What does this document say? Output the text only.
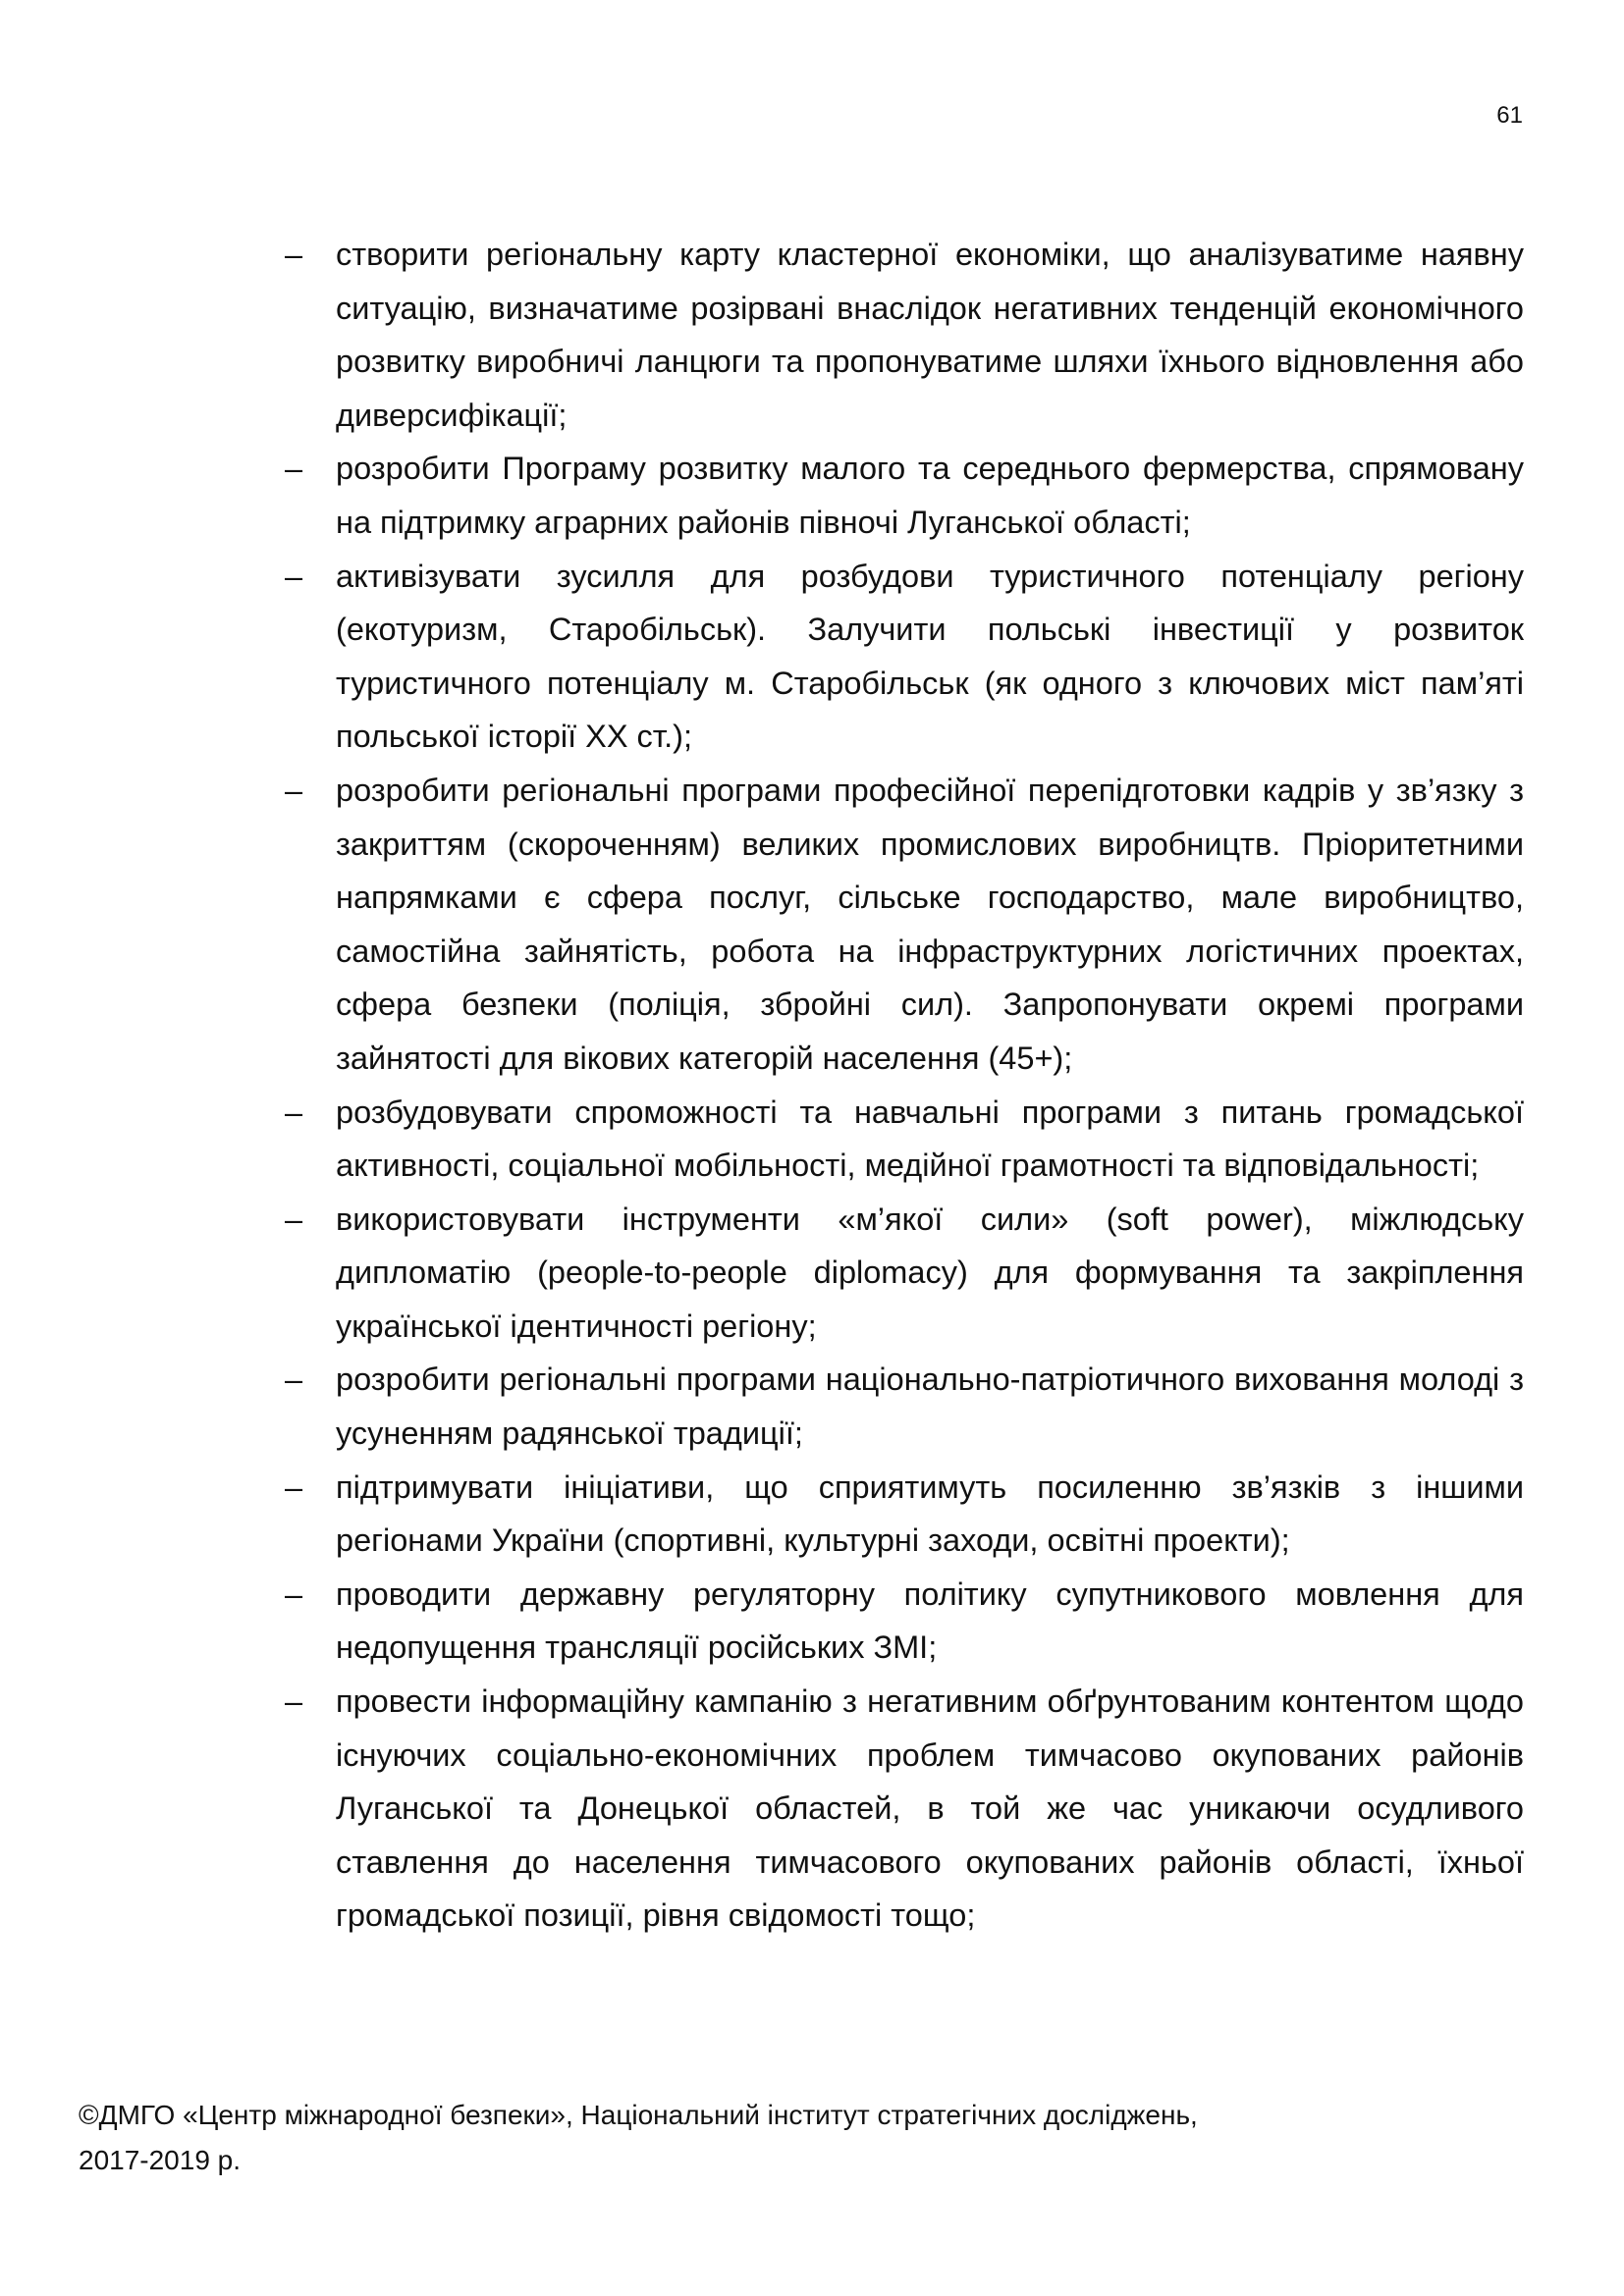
61
– створити регіональну карту кластерної економіки, що аналізуватиме наявну ситуацію, визначатиме розірвані внаслідок негативних тенденцій економічного розвитку виробничі ланцюги та пропонуватиме шляхи їхнього відновлення або диверсифікації;
– розробити Програму розвитку малого та середнього фермерства, спрямовану на підтримку аграрних районів півночі Луганської області;
– активізувати зусилля для розбудови туристичного потенціалу регіону (екотуризм, Старобільськ). Залучити польські інвестиції у розвиток туристичного потенціалу м. Старобільськ (як одного з ключових міст пам’яті польської історії ХХ ст.);
– розробити регіональні програми професійної перепідготовки кадрів у зв’язку з закриттям (скороченням) великих промислових виробництв. Пріоритетними напрямками є сфера послуг, сільське господарство, мале виробництво, самостійна зайнятість, робота на інфраструктурних логістичних проектах, сфера безпеки (поліція, збройні сил). Запропонувати окремі програми зайнятості для вікових категорій населення (45+);
– розбудовувати спроможності та навчальні програми з питань громадської активності, соціальної мобільності, медійної грамотності та відповідальності;
– використовувати інструменти «м’якої сили» (soft power), міжлюдську дипломатію (people-to-people diplomacy) для формування та закріплення української ідентичності регіону;
– розробити регіональні програми національно-патріотичного виховання молоді з усуненням радянської традиції;
– підтримувати ініціативи, що сприятимуть посиленню зв’язків з іншими регіонами України (спортивні, культурні заходи, освітні проекти);
– проводити державну регуляторну політику супутникового мовлення для недопущення трансляції російських ЗМІ;
– провести інформаційну кампанію з негативним обґрунтованим контентом щодо існуючих соціально-економічних проблем тимчасово окупованих районів Луганської та Донецької областей, в той же час уникаючи осудливого ставлення до населення тимчасового окупованих районів області, їхньої громадської позиції, рівня свідомості тощо;
©ДМГО «Центр міжнародної безпеки», Національний інститут стратегічних досліджень,
2017-2019 р.
